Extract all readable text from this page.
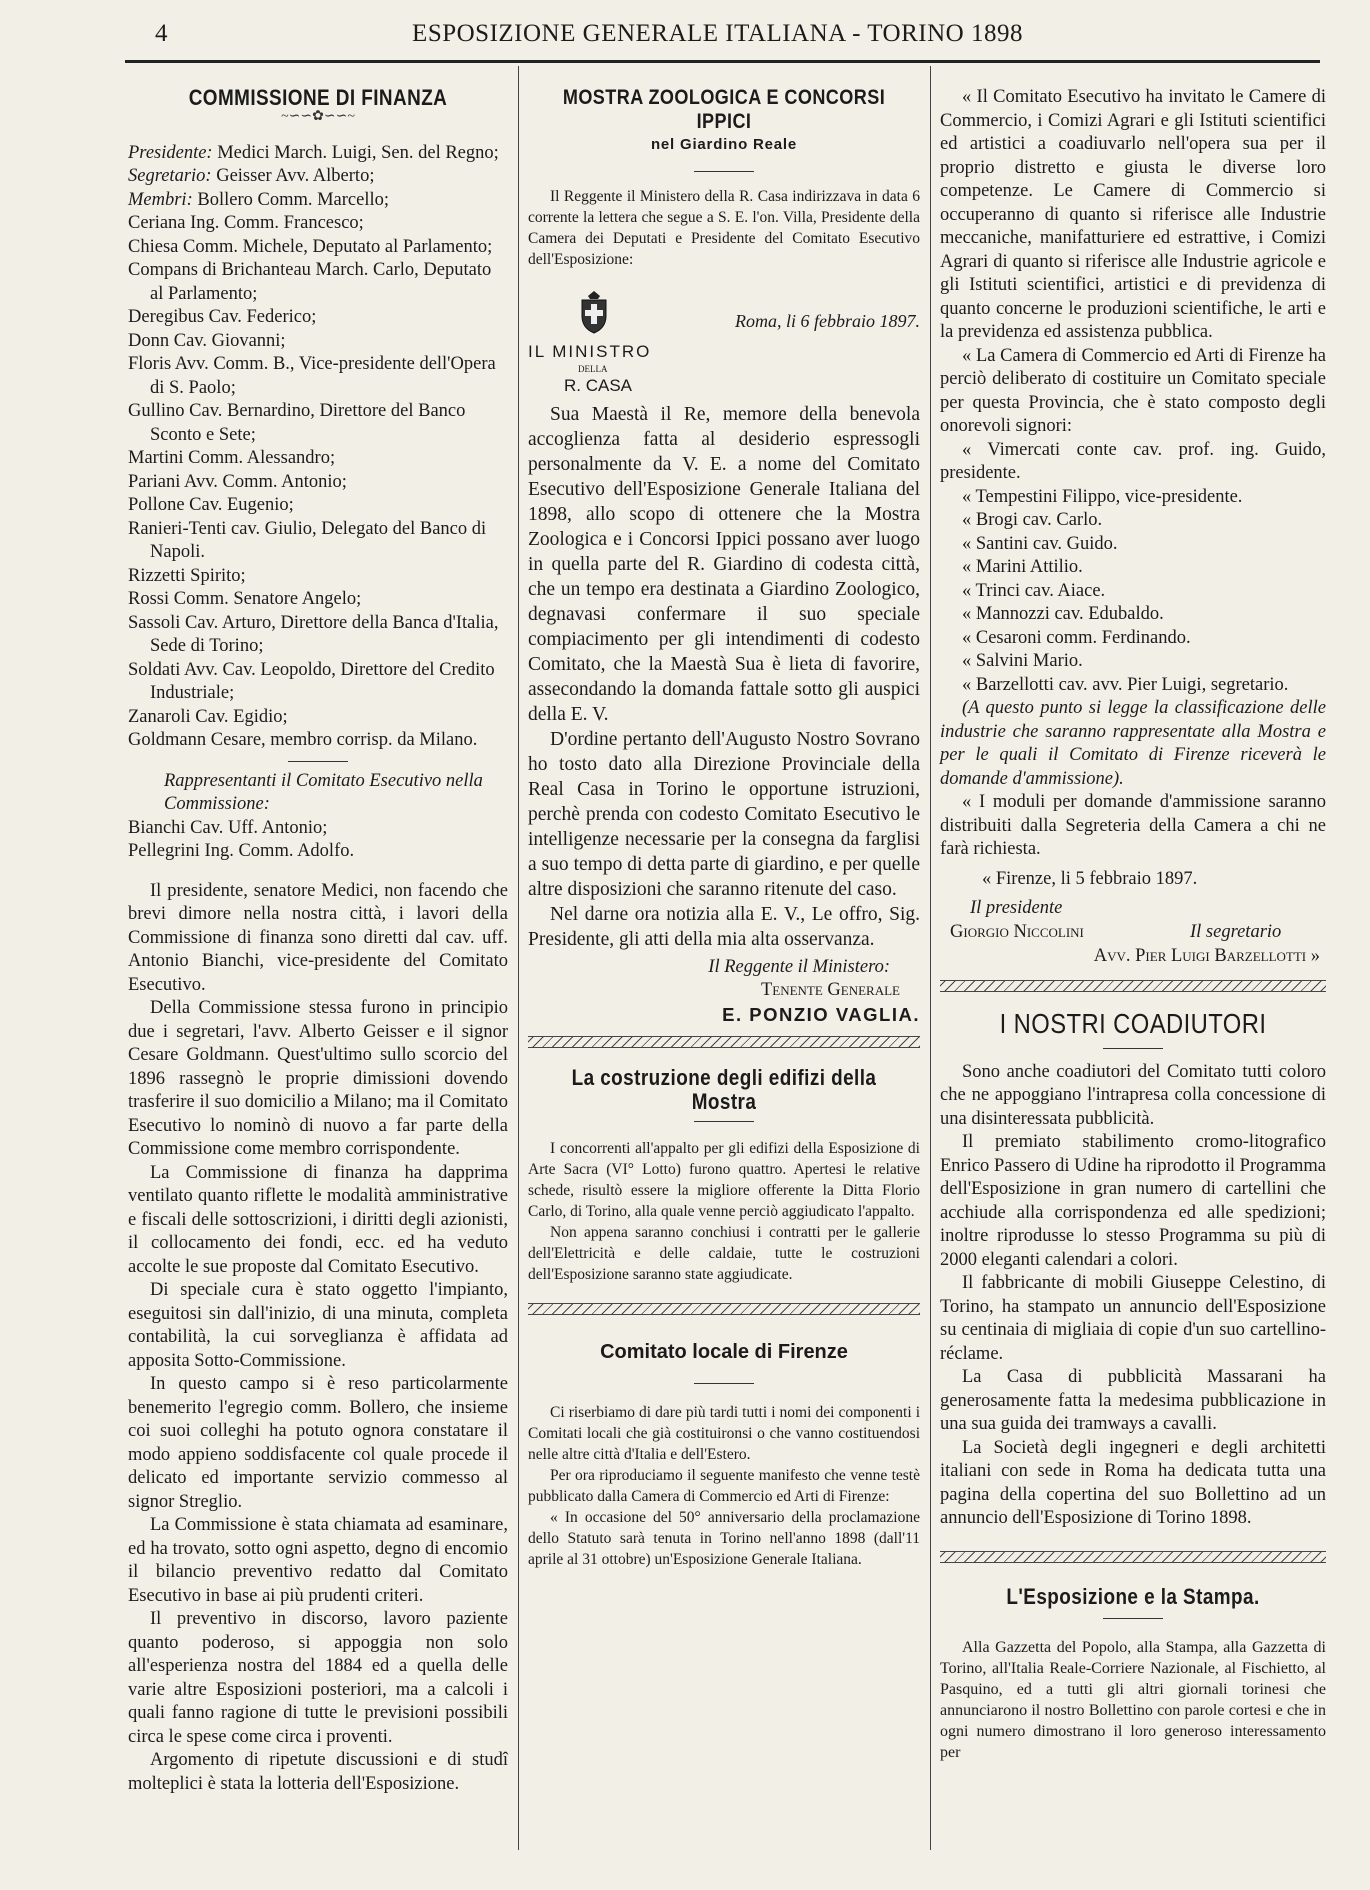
4	ESPOSIZIONE GENERALE ITALIANA - TORINO 1898

COMMISSIONE DI FINANZA

~∽∽✿∽∽~

Presidente: Medici March. Luigi, Sen. del Regno;

Segretario: Geisser Avv. Alberto;

Membri: Bollero Comm. Marcello;

Ceriana Ing. Comm. Francesco;

Chiesa Comm. Michele, Deputato al Parlamento;

Compans di Brichanteau March. Carlo, Deputato al Parlamento;

Deregibus Cav. Federico;

Donn Cav. Giovanni;

Floris Avv. Comm. B., Vice-presidente dell'Opera di S. Paolo;

Gullino Cav. Bernardino, Direttore del Banco Sconto e Sete;

Martini Comm. Alessandro;

Pariani Avv. Comm. Antonio;

Pollone Cav. Eugenio;

Ranieri-Tenti cav. Giulio, Delegato del Banco di Napoli.

Rizzetti Spirito;

Rossi Comm. Senatore Angelo;

Sassoli Cav. Arturo, Direttore della Banca d'Italia, Sede di Torino;

Soldati Avv. Cav. Leopoldo, Direttore del Credito Industriale;

Zanaroli Cav. Egidio;

Goldmann Cesare, membro corrisp. da Milano.

Rappresentanti il Comitato Esecutivo nella Commissione:

Bianchi Cav. Uff. Antonio;

Pellegrini Ing. Comm. Adolfo.

Il presidente, senatore Medici, non facendo che brevi dimore nella nostra città, i lavori della Commissione di finanza sono diretti dal cav. uff. Antonio Bianchi, vice-presidente del Comitato Esecutivo.

Della Commissione stessa furono in principio due i segretari, l'avv. Alberto Geisser e il signor Cesare Goldmann. Quest'ultimo sullo scorcio del 1896 rassegnò le proprie dimissioni dovendo trasferire il suo domicilio a Milano; ma il Comitato Esecutivo lo nominò di nuovo a far parte della Commissione come membro corrispondente.

La Commissione di finanza ha dapprima ventilato quanto riflette le modalità amministrative e fiscali delle sottoscrizioni, i diritti degli azionisti, il collocamento dei fondi, ecc. ed ha veduto accolte le sue proposte dal Comitato Esecutivo.

Di speciale cura è stato oggetto l'impianto, eseguitosi sin dall'inizio, di una minuta, completa contabilità, la cui sorveglianza è affidata ad apposita Sotto-Commissione.

In questo campo si è reso particolarmente benemerito l'egregio comm. Bollero, che insieme coi suoi colleghi ha potuto ognora constatare il modo appieno soddisfacente col quale procede il delicato ed importante servizio commesso al signor Streglio.

La Commissione è stata chiamata ad esaminare, ed ha trovato, sotto ogni aspetto, degno di encomio il bilancio preventivo redatto dal Comitato Esecutivo in base ai più prudenti criteri.

Il preventivo in discorso, lavoro paziente quanto poderoso, si appoggia non solo all'esperienza nostra del 1884 ed a quella delle varie altre Esposizioni posteriori, ma a calcoli i quali fanno ragione di tutte le previsioni possibili circa le spese come circa i proventi.

Argomento di ripetute discussioni e di studî molteplici è stata la lotteria dell'Esposizione.

MOSTRA ZOOLOGICA E CONCORSI IPPICI

nel Giardino Reale

Il Reggente il Ministero della R. Casa indirizzava in data 6 corrente la lettera che segue a S. E. l'on. Villa, Presidente della Camera dei Deputati e Presidente del Comitato Esecutivo dell'Esposizione:

IL MINISTRO

DELLA

R. CASA

Roma, li 6 febbraio 1897.

Sua Maestà il Re, memore della benevola accoglienza fatta al desiderio espressogli personalmente da V. E. a nome del Comitato Esecutivo dell'Esposizione Generale Italiana del 1898, allo scopo di ottenere che la Mostra Zoologica e i Concorsi Ippici possano aver luogo in quella parte del R. Giardino di codesta città, che un tempo era destinata a Giardino Zoologico, degnavasi confermare il suo speciale compiacimento per gli intendimenti di codesto Comitato, che la Maestà Sua è lieta di favorire, assecondando la domanda fattale sotto gli auspici della E. V.

D'ordine pertanto dell'Augusto Nostro Sovrano ho tosto dato alla Direzione Provinciale della Real Casa in Torino le opportune istruzioni, perchè prenda con codesto Comitato Esecutivo le intelligenze necessarie per la consegna da farglisi a suo tempo di detta parte di giardino, e per quelle altre disposizioni che saranno ritenute del caso.

Nel darne ora notizia alla E. V., Le offro, Sig. Presidente, gli atti della mia alta osservanza.

Il Reggente il Ministero:

Tenente Generale

E. PONZIO VAGLIA.

La costruzione degli edifizi della Mostra

I concorrenti all'appalto per gli edifizi della Esposizione di Arte Sacra (VI° Lotto) furono quattro. Apertesi le relative schede, risultò essere la migliore offerente la Ditta Florio Carlo, di Torino, alla quale venne perciò aggiudicato l'appalto.

Non appena saranno conchiusi i contratti per le gallerie dell'Elettricità e delle caldaie, tutte le costruzioni dell'Esposizione saranno state aggiudicate.

Comitato locale di Firenze

Ci riserbiamo di dare più tardi tutti i nomi dei componenti i Comitati locali che già costituironsi o che vanno costituendosi nelle altre città d'Italia e dell'Estero.

Per ora riproduciamo il seguente manifesto che venne testè pubblicato dalla Camera di Commercio ed Arti di Firenze:

« In occasione del 50° anniversario della proclamazione dello Statuto sarà tenuta in Torino nell'anno 1898 (dall'11 aprile al 31 ottobre) un'Esposizione Generale Italiana.

« Il Comitato Esecutivo ha invitato le Camere di Commercio, i Comizi Agrari e gli Istituti scientifici ed artistici a coadiuvarlo nell'opera sua per il proprio distretto e giusta le diverse loro competenze. Le Camere di Commercio si occuperanno di quanto si riferisce alle Industrie meccaniche, manifatturiere ed estrattive, i Comizi Agrari di quanto si riferisce alle Industrie agricole e gli Istituti scientifici, artistici e di previdenza di quanto concerne le produzioni scientifiche, le arti e la previdenza ed assistenza pubblica.

« La Camera di Commercio ed Arti di Firenze ha perciò deliberato di costituire un Comitato speciale per questa Provincia, che è stato composto degli onorevoli signori:

« Vimercati conte cav. prof. ing. Guido, presidente.

« Tempestini Filippo, vice-presidente.

« Brogi cav. Carlo.

« Santini cav. Guido.

« Marini Attilio.

« Trinci cav. Aiace.

« Mannozzi cav. Edubaldo.

« Cesaroni comm. Ferdinando.

« Salvini Mario.

« Barzellotti cav. avv. Pier Luigi, segretario.

(A questo punto si legge la classificazione delle industrie che saranno rappresentate alla Mostra e per le quali il Comitato di Firenze riceverà le domande d'ammissione).

« I moduli per domande d'ammissione saranno distribuiti dalla Segreteria della Camera a chi ne farà richiesta.

« Firenze, li 5 febbraio 1897.

Il presidente

Giorgio Niccolini	Il segretario

Avv. Pier Luigi Barzellotti »

I NOSTRI COADIUTORI

Sono anche coadiutori del Comitato tutti coloro che ne appoggiano l'intrapresa colla concessione di una disinteressata pubblicità.

Il premiato stabilimento cromo-litografico Enrico Passero di Udine ha riprodotto il Programma dell'Esposizione in gran numero di cartellini che acchiude alla corrispondenza ed alle spedizioni; inoltre riprodusse lo stesso Programma su più di 2000 eleganti calendari a colori.

Il fabbricante di mobili Giuseppe Celestino, di Torino, ha stampato un annuncio dell'Esposizione su centinaia di migliaia di copie d'un suo cartellino-réclame.

La Casa di pubblicità Massarani ha generosamente fatta la medesima pubblicazione in una sua guida dei tramways a cavalli.

La Società degli ingegneri e degli architetti italiani con sede in Roma ha dedicata tutta una pagina della copertina del suo Bollettino ad un annuncio dell'Esposizione di Torino 1898.

L'Esposizione e la Stampa.

Alla Gazzetta del Popolo, alla Stampa, alla Gazzetta di Torino, all'Italia Reale-Corriere Nazionale, al Fischietto, al Pasquino, ed a tutti gli altri giornali torinesi che annunciarono il nostro Bollettino con parole cortesi e che in ogni numero dimostrano il loro generoso interessamento per
